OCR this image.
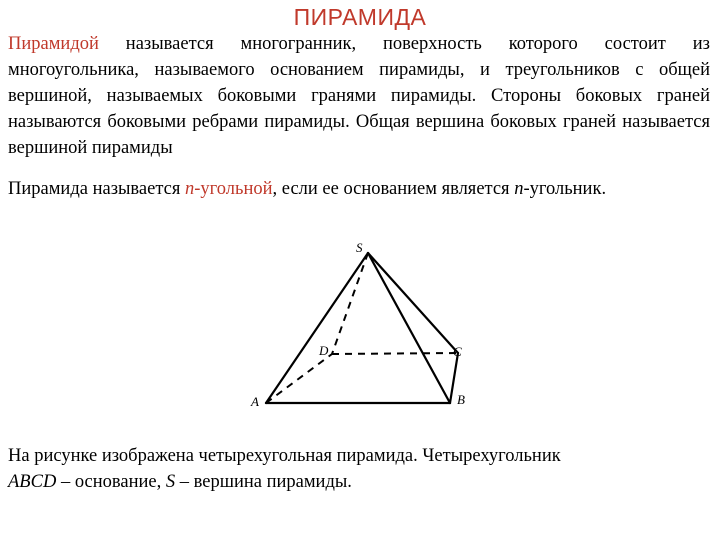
ПИРАМИДА

Пирамидой называется многогранник, поверхность которого состоит из многоугольника, называемого основанием пирамиды, и треугольников с общей вершиной, называемых боковыми гранями пирамиды. Стороны боковых граней называются боковыми ребрами пирамиды. Общая вершина боковых граней называется вершиной пирамиды

Пирамида называется n-угольной, если ее основанием является n-угольник.

S
A	B
C
D

На рисунке изображена четырехугольная пирамида. Четырехугольник
ABCD – основание, S – вершина пирамиды.
